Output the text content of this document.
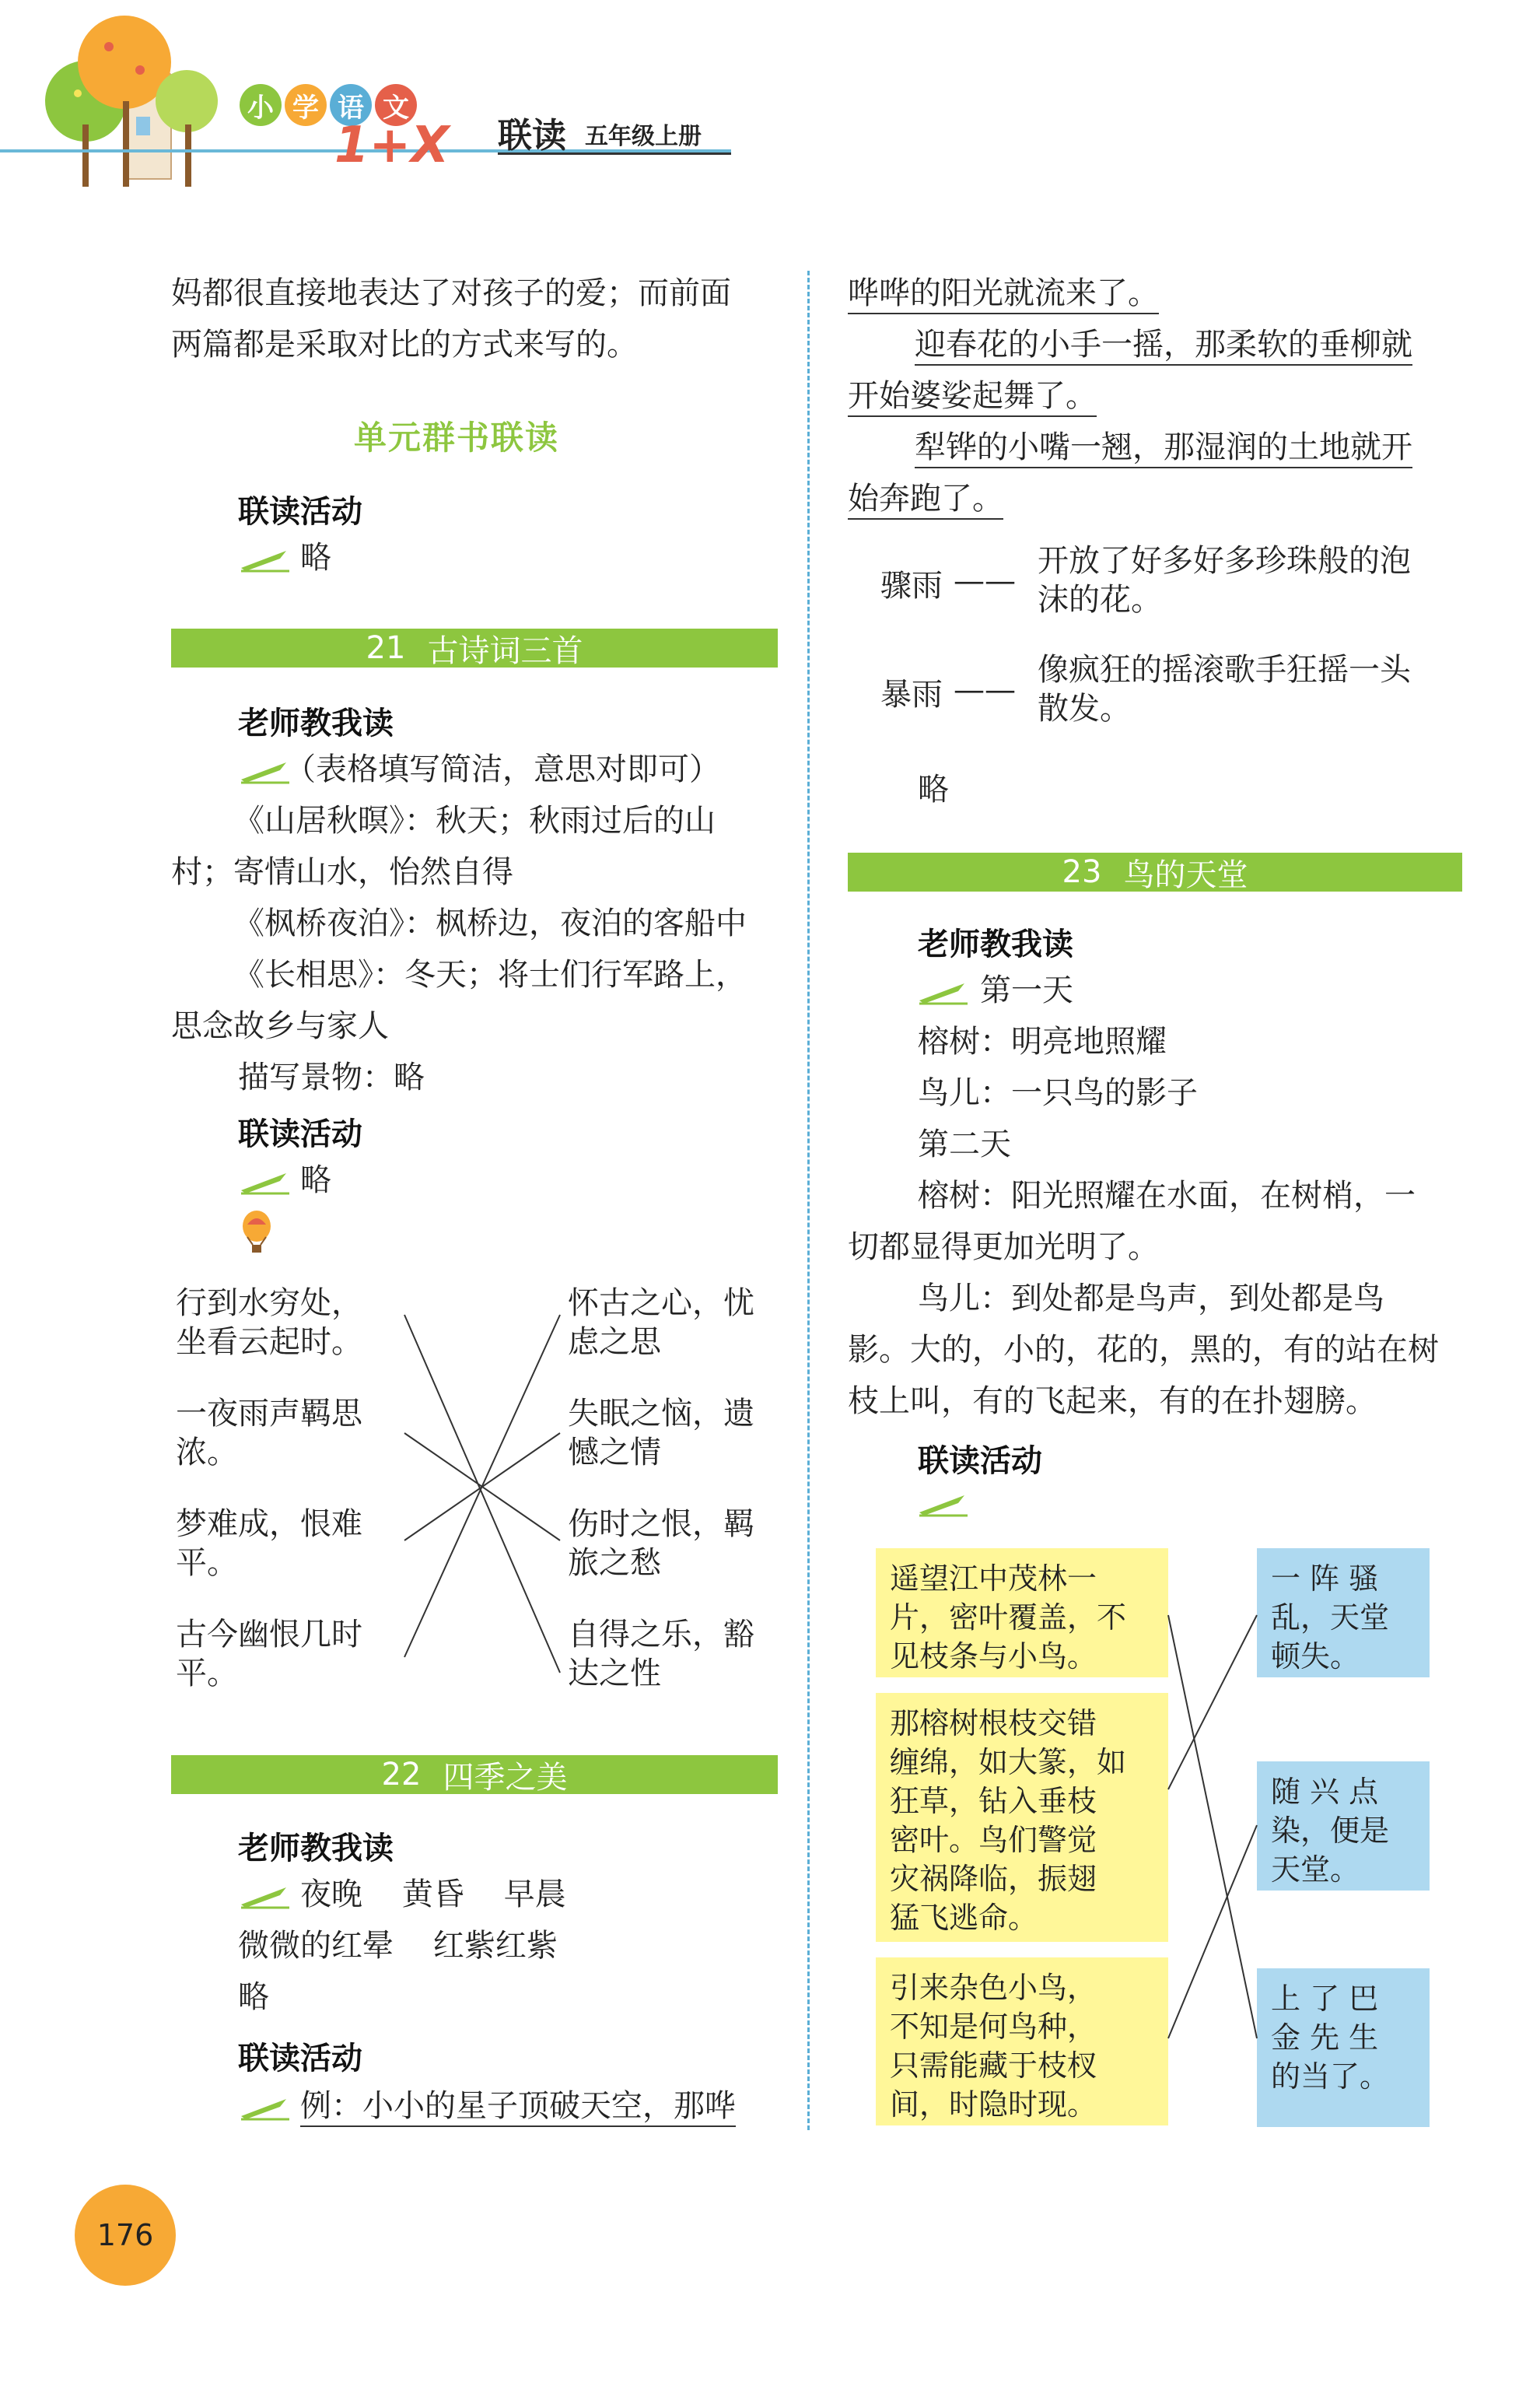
小 学 语 文
1+X 联读 五年级上册
妈都很直接地表达了对孩子的爱；而前面
两篇都是采取对比的方式来写的。
单元群书联读
联读活动
略
21 古诗词三首
老师教我读
（表格填写简洁，意思对即可）
《山居秋暝》：秋天；秋雨过后的山
村；寄情山水，怡然自得
《枫桥夜泊》：枫桥边，夜泊的客船中
《长相思》：冬天；将士们行军路上，
思念故乡与家人
描写景物：略
联读活动
略
行到水穷处，
坐看云起时。
一夜雨声羁思
浓。
梦难成，恨难
平。
古今幽恨几时
平。
怀古之心，忧
虑之思
失眠之恼，遗
憾之情
伤时之恨，羁
旅之愁
自得之乐，豁
达之性
22 四季之美
老师教我读
夜晚    黄昏    早晨
微微的红晕    红紫红紫
略
联读活动
例：小小的星子顶破天空，那哗
176
哗哗的阳光就流来了。
迎春花的小手一摇，那柔软的垂柳就
开始婆娑起舞了。
犁铧的小嘴一翘，那湿润的土地就开
始奔跑了。
骤雨 ——
开放了好多好多珍珠般的泡
沫的花。
暴雨 ——
像疯狂的摇滚歌手狂摇一头
散发。
略
23 鸟的天堂
老师教我读
第一天
榕树：明亮地照耀
鸟儿：一只鸟的影子
第二天
榕树：阳光照耀在水面，在树梢，一
切都显得更加光明了。
鸟儿：到处都是鸟声，到处都是鸟
影。大的，小的，花的，黑的，有的站在树
枝上叫，有的飞起来，有的在扑翅膀。
联读活动
遥望江中茂林一
片，密叶覆盖，不
见枝条与小鸟。
那榕树根枝交错
缠绵，如大篆，如
狂草，钻入垂枝
密叶。鸟们警觉
灾祸降临，振翅
猛飞逃命。
引来杂色小鸟，
不知是何鸟种，
只需能藏于枝杈
间，时隐时现。
一 阵 骚
乱，天堂
顿失。
随 兴 点
染，便是
天堂。
上 了 巴
金 先 生
的当了。
